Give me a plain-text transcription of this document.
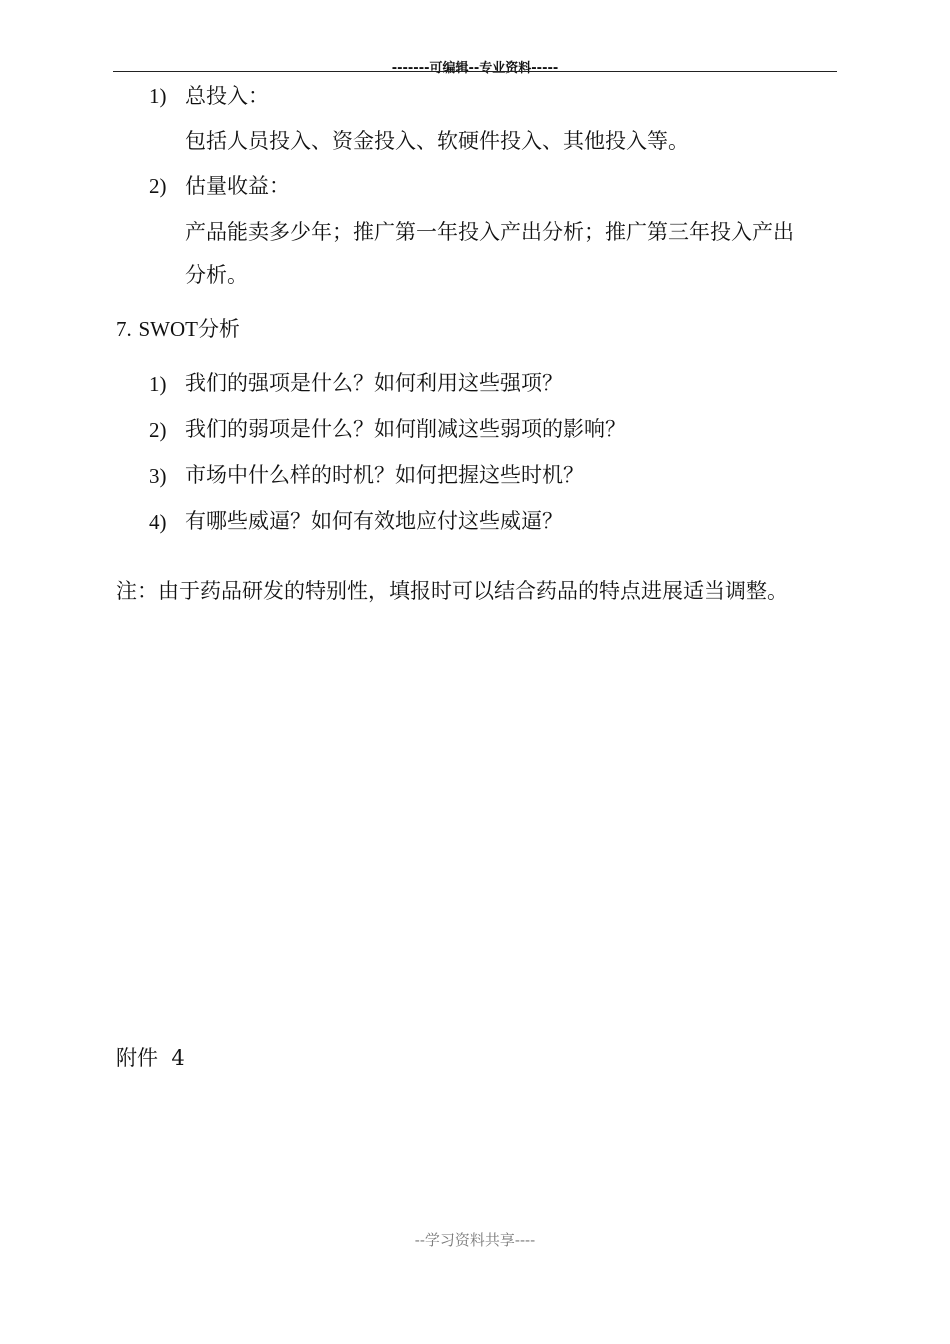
-------可编辑--专业资料-----
1) 总投入：
包括人员投入、资金投入、软硬件投入、其他投入等。
2) 估量收益：
产品能卖多少年；推广第一年投入产出分析；推广第三年投入产出
分析。
7. SWOT分析
1) 我们的强项是什么？如何利用这些强项？
2) 我们的弱项是什么？如何削减这些弱项的影响？
3) 市场中什么样的时机？如何把握这些时机？
4) 有哪些威逼？如何有效地应付这些威逼？
注：由于药品研发的特别性，填报时可以结合药品的特点进展适当调整。
附件  4
--学习资料共享----
